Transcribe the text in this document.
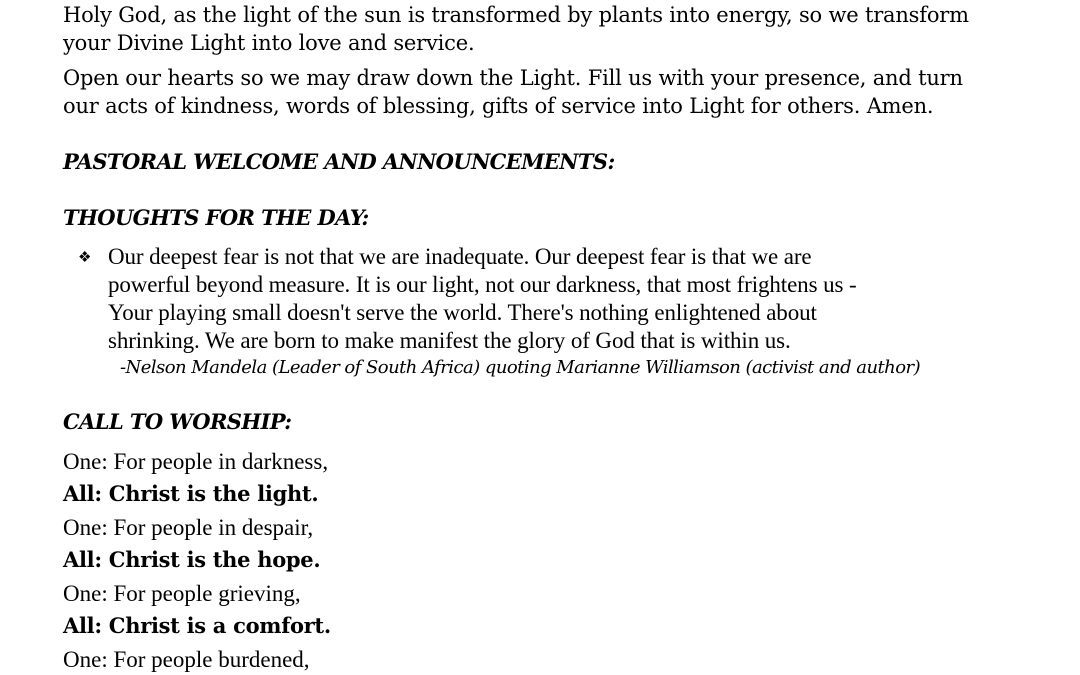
Holy God, as the light of the sun is transformed by plants into energy, so we transform
your Divine Light into love and service.
Open our hearts so we may draw down the Light. Fill us with your presence, and turn
our acts of kindness, words of blessing, gifts of service into Light for others. Amen.
PASTORAL WELCOME AND ANNOUNCEMENTS:
THOUGHTS FOR THE DAY:
❖ Our deepest fear is not that we are inadequate. Our deepest fear is that we are
powerful beyond measure. It is our light, not our darkness, that most frightens us -
Your playing small doesn't serve the world. There's nothing enlightened about
shrinking. We are born to make manifest the glory of God that is within us.
-Nelson Mandela (Leader of South Africa) quoting Marianne Williamson (activist and author)
CALL TO WORSHIP:
One: For people in darkness,
All: Christ is the light.
One: For people in despair,
All: Christ is the hope.
One: For people grieving,
All: Christ is a comfort.
One: For people burdened,
